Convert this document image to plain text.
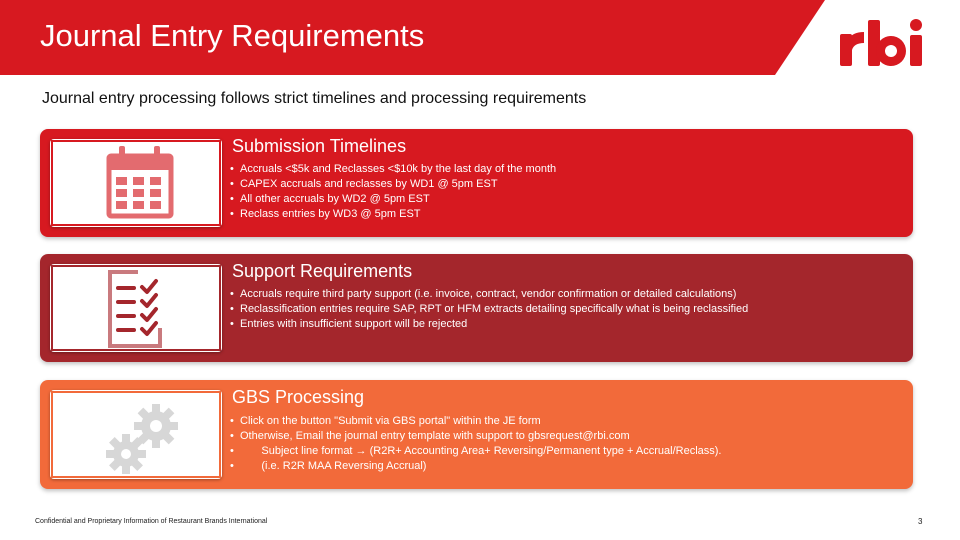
Journal Entry Requirements
Journal entry processing follows strict timelines and processing requirements
Submission Timelines
• Accruals <$5k and Reclasses <$10k by the last day of the month
• CAPEX accruals and reclasses by WD1 @ 5pm EST
• All other accruals by WD2 @ 5pm EST
• Reclass entries by WD3 @ 5pm EST
Support Requirements
• Accruals require third party support (i.e. invoice, contract, vendor confirmation or detailed calculations)
• Reclassification entries require SAP, RPT or HFM extracts detailing specifically what is being reclassified
• Entries with insufficient support will be rejected
GBS Processing
• Click on the button "Submit via GBS portal" within the JE form
• Otherwise, Email the journal entry template with support to gbsrequest@rbi.com
•        Subject line format → (R2R+ Accounting Area+ Reversing/Permanent type + Accrual/Reclass).
•        (i.e. R2R MAA Reversing Accrual)
Confidential and Proprietary Information of Restaurant Brands International	3
